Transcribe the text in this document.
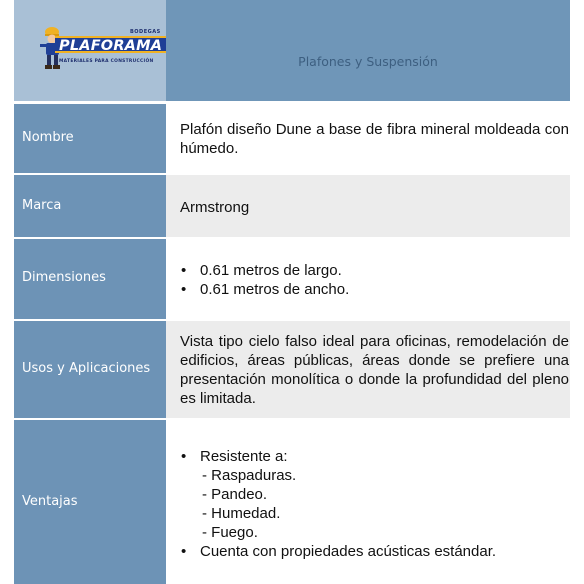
BODEGAS
PLAFORAMA
MATERIALES PARA CONSTRUCCIÓN	Plafones y Suspensión
Nombre	Plafón diseño Dune a base de fibra mineral moldeada con húmedo.
Marca	Armstrong
Dimensiones
•	0.61 metros de largo.
• 0.61 metros de ancho.
Usos y Aplicaciones
Vista tipo cielo falso ideal para oficinas, remodelación de edificios, áreas públicas, áreas donde se prefiere una presentación monolítica o donde la profundidad del pleno es limitada.
Ventajas
• Resistente a:
- Raspaduras.
- Pandeo.
- Humedad.
- Fuego.
• Cuenta con propiedades acústicas estándar.
